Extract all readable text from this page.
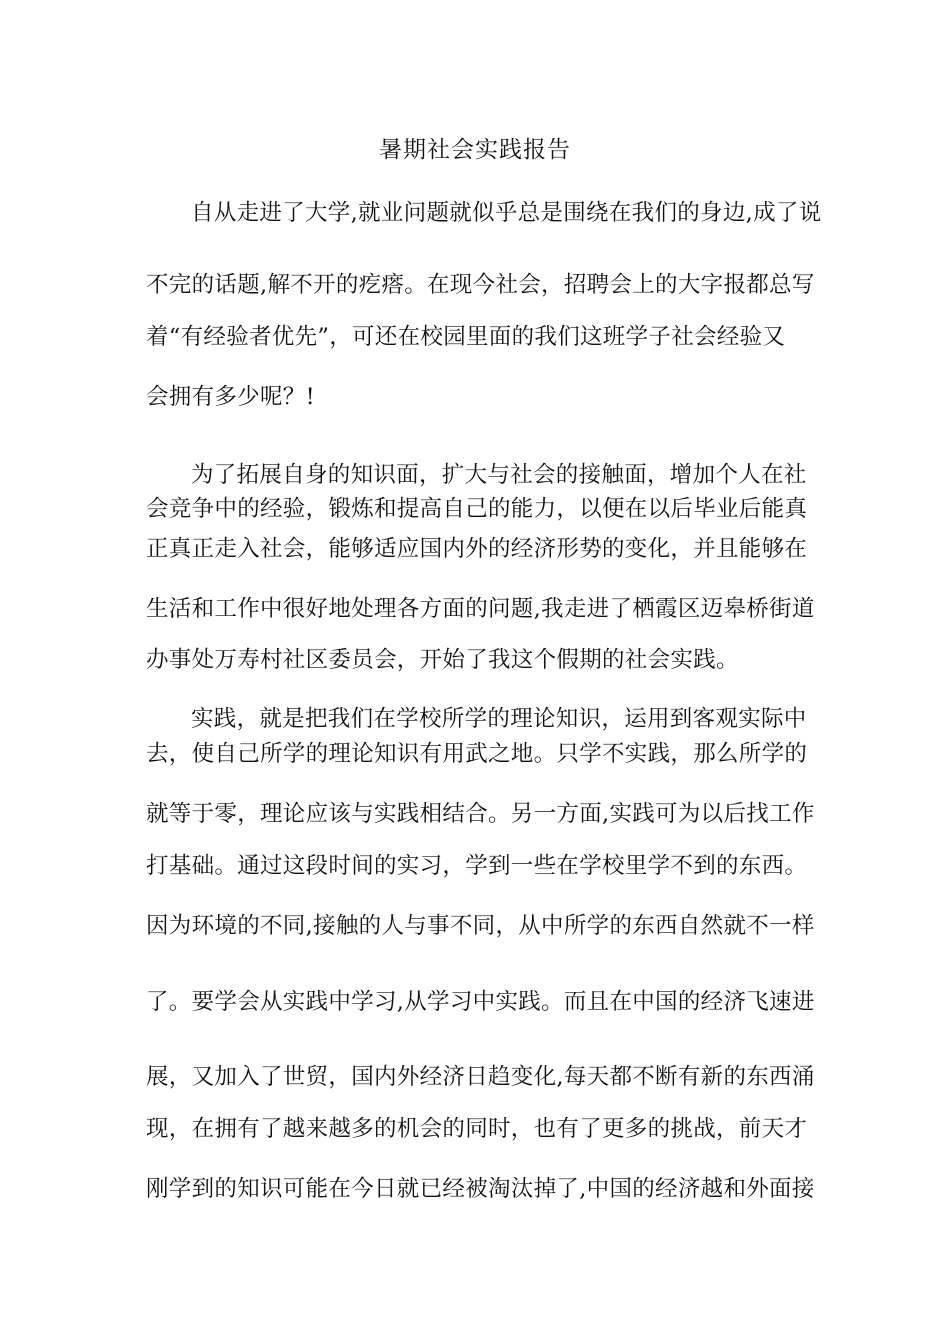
暑期社会实践报告
自从走进了大学,就业问题就似乎总是围绕在我们的身边,成了说
不完的话题,解不开的疙瘩。在现今社会，招聘会上的大字报都总写
着“有经验者优先”，可还在校园里面的我们这班学子社会经验又
会拥有多少呢？!
为了拓展自身的知识面，扩大与社会的接触面，增加个人在社
会竞争中的经验，锻炼和提高自己的能力，以便在以后毕业后能真
正真正走入社会，能够适应国内外的经济形势的变化，并且能够在
生活和工作中很好地处理各方面的问题,我走进了栖霞区迈皋桥街道
办事处万寿村社区委员会，开始了我这个假期的社会实践。
实践，就是把我们在学校所学的理论知识，运用到客观实际中
去，使自己所学的理论知识有用武之地。只学不实践，那么所学的
就等于零，理论应该与实践相结合。另一方面,实践可为以后找工作
打基础。通过这段时间的实习，学到一些在学校里学不到的东西。
因为环境的不同,接触的人与事不同，从中所学的东西自然就不一样
了。要学会从实践中学习,从学习中实践。而且在中国的经济飞速进
展，又加入了世贸，国内外经济日趋变化,每天都不断有新的东西涌
现，在拥有了越来越多的机会的同时，也有了更多的挑战，前天才
刚学到的知识可能在今日就已经被淘汰掉了,中国的经济越和外面接
